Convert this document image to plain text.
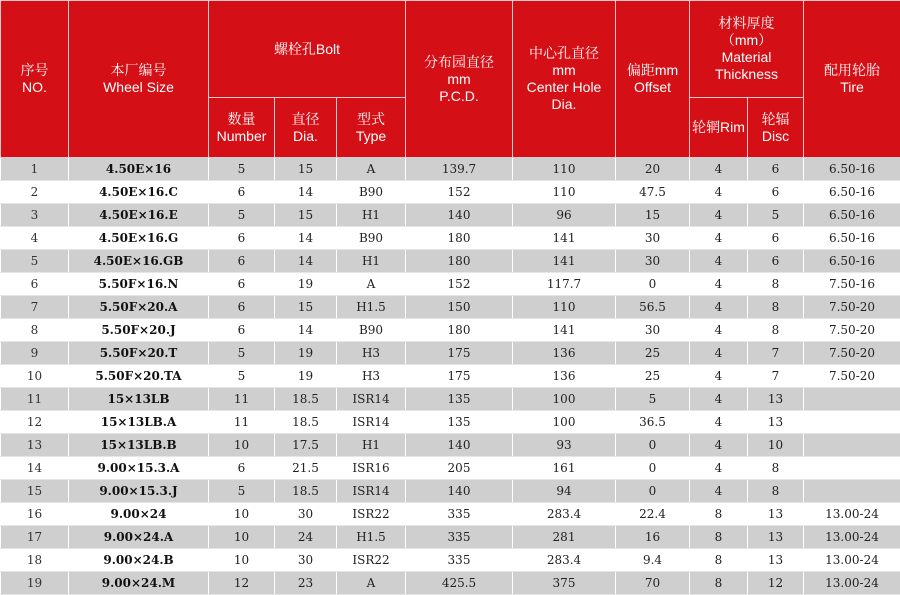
序号
NO.	本厂编号
Wheel Size	螺栓孔Bolt			分布园直径
mm
P.C.D.	中心孔直径
mm
Center Hole
Dia.	偏距mm
Offset	材料厚度
（mm）
Material
Thickness		配用轮胎
Tire

		数量
Number	直径
Dia.	型式
Type				轮辋Rim	轮辐
Disc	

1	4.50E×16	5	15	A	139.7	110	20	4	6	6.50-16
2	4.50E×16.C	6	14	B90	152	110	47.5	4	6	6.50-16
3	4.50E×16.E	5	15	H1	140	96	15	4	5	6.50-16
4	4.50E×16.G	6	14	B90	180	141	30	4	6	6.50-16
5	4.50E×16.GB	6	14	H1	180	141	30	4	6	6.50-16
6	5.50F×16.N	6	19	A	152	117.7	0	4	8	7.50-16
7	5.50F×20.A	6	15	H1.5	150	110	56.5	4	8	7.50-20
8	5.50F×20.J	6	14	B90	180	141	30	4	8	7.50-20
9	5.50F×20.T	5	19	H3	175	136	25	4	7	7.50-20
10	5.50F×20.TA	5	19	H3	175	136	25	4	7	7.50-20
11	15×13LB	11	18.5	ISR14	135	100	5	4	13	
12	15×13LB.A	11	18.5	ISR14	135	100	36.5	4	13	
13	15×13LB.B	10	17.5	H1	140	93	0	4	10	
14	9.00×15.3.A	6	21.5	ISR16	205	161	0	4	8	
15	9.00×15.3.J	5	18.5	ISR14	140	94	0	4	8	
16	9.00×24	10	30	ISR22	335	283.4	22.4	8	13	13.00-24
17	9.00×24.A	10	24	H1.5	335	281	16	8	13	13.00-24
18	9.00×24.B	10	30	ISR22	335	283.4	9.4	8	13	13.00-24
19	9.00×24.M	12	23	A	425.5	375	70	8	12	13.00-24
